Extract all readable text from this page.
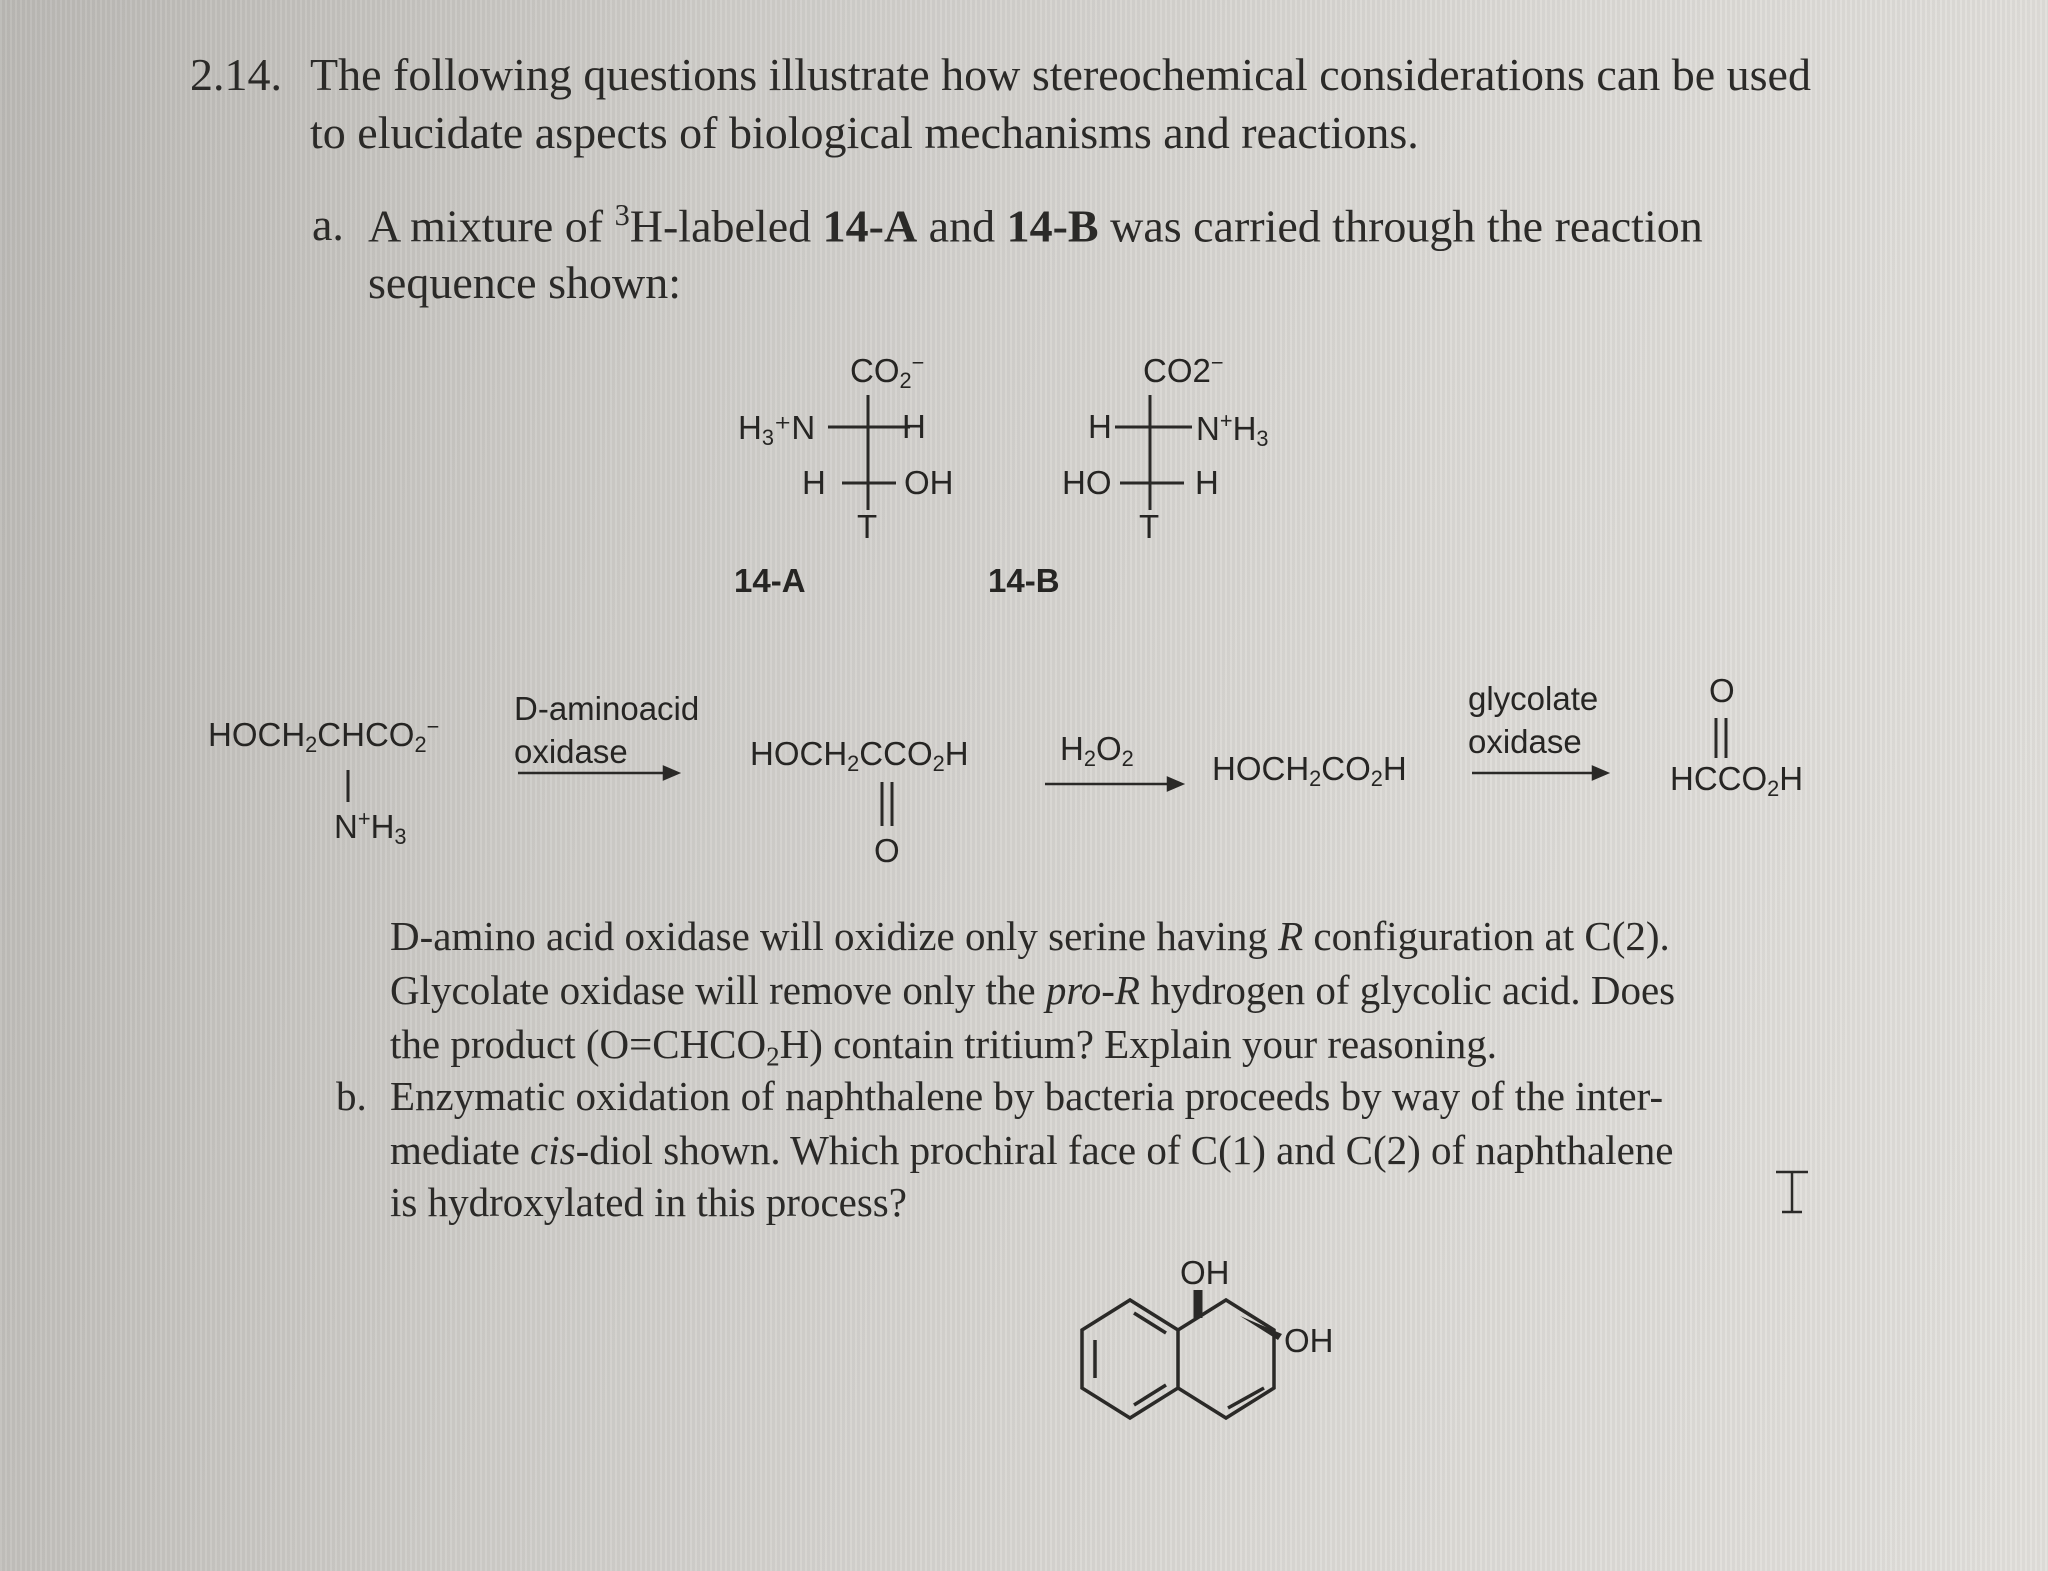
2.14. The following questions illustrate how stereochemical considerations can be used
to elucidate aspects of biological mechanisms and reactions.
a. A mixture of $^3$H-labeled 14-A and 14-B was carried through the reaction
sequence shown:
$CO_2^-$
$H_3^+N$	H
H OH
T
14-A
CO2−
H	$N^+H_3$
HO	H
T
14-B
$HOCH_2CHCO_2^-$
$N^+H_3$
D-aminoacid
oxidase	$HOCH_2CCO_2H$
O
$H_2O_2$ $HOCH_2CO_2H$
glycolate
oxidase
O
$HCCO_2H$
D-amino acid oxidase will oxidize only serine having R configuration at C(2).
Glycolate oxidase will remove only the pro-R hydrogen of glycolic acid. Does
the product $(O=CHCO_2H)$ contain tritium? Explain your reasoning.
b. Enzymatic oxidation of naphthalene by bacteria proceeds by way of the inter-
mediate cis-diol shown. Which prochiral face of C(1) and C(2) of naphthalene
is hydroxylated in this process?
OH
OH
